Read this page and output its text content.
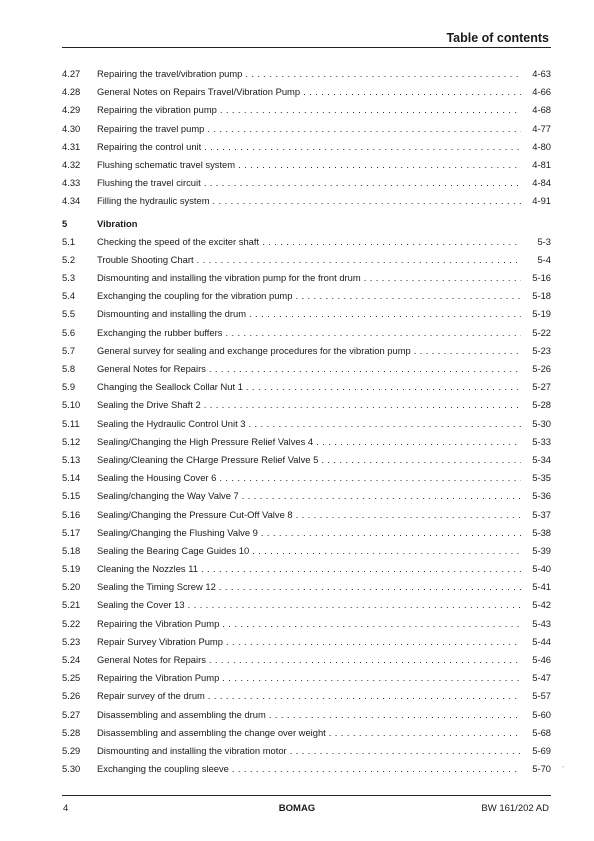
Table of contents
4.27 Repairing the travel/vibration pump . . .	4-63
4.28 General Notes on Repairs Travel/Vibration Pump . . .	4-66
4.29 Repairing the vibration pump . . .	4-68
4.30 Repairing the travel pump . . .	4-77
4.31 Repairing the control unit . . .	4-80
4.32 Flushing schematic travel system . . .	4-81
4.33 Flushing the travel circuit . . .	4-84
4.34 Filling the hydraulic system . . .	4-91
5	Vibration
5.1 Checking the speed of the exciter shaft . . .	5-3
5.2 Trouble Shooting Chart . . .	5-4
5.3 Dismounting and installing the vibration pump for the front drum . . .	5-16
5.4 Exchanging the coupling for the vibration pump . . .	5-18
5.5 Dismounting and installing the drum . . .	5-19
5.6 Exchanging the rubber buffers . . .	5-22
5.7 General survey for sealing and exchange procedures for the vibration pump . . .	5-23
5.8 General Notes for Repairs . . .	5-26
5.9 Changing the Seallock Collar Nut 1 . . .	5-27
5.10 Sealing the Drive Shaft 2 . . .	5-28
5.11 Sealing the Hydraulic Control Unit 3 . . .	5-30
5.12 Sealing/Changing the High Pressure Relief Valves 4 . . .	5-33
5.13 Sealing/Cleaning the CHarge Pressure Relief Valve 5 . . .	5-34
5.14 Sealing the Housing Cover 6 . . .	5-35
5.15 Sealing/changing the Way Valve 7 . . .	5-36
5.16 Sealing/Changing the Pressure Cut-Off Valve 8 . . .	5-37
5.17 Sealing/Changing the Flushing Valve 9 . . .	5-38
5.18 Sealing the Bearing Cage Guides 10 . . .	5-39
5.19 Cleaning the Nozzles 11 . . .	5-40
5.20 Sealing the Timing Screw 12 . . .	5-41
5.21 Sealing the Cover 13 . . .	5-42
5.22 Repairing the Vibration Pump . . .	5-43
5.23 Repair Survey Vibration Pump . . .	5-44
5.24 General Notes for Repairs . . .	5-46
5.25 Repairing the Vibration Pump . . .	5-47
5.26 Repair survey of the drum . . .	5-57
5.27 Disassembling and assembling the drum . . .	5-60
5.28 Disassembling and assembling the change over weight . . .	5-68
5.29 Dismounting and installing the vibration motor . . .	5-69
5.30 Exchanging the coupling sleeve . . .	5-70 ˋ
4	BOMAG	BW 161/202 AD
